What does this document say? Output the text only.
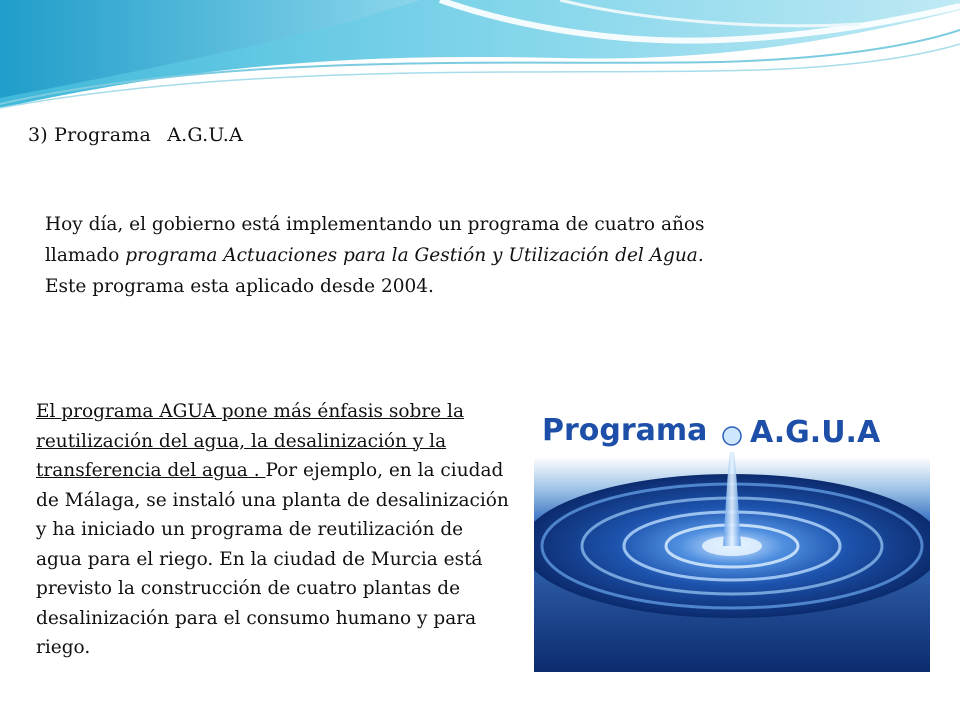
3) Programa A.G.U.A
Hoy día, el gobierno está implementando un programa de cuatro años llamado programa Actuaciones para la Gestión y Utilización del Agua. Este programa esta aplicado desde 2004.
El programa AGUA pone más énfasis sobre la reutilización del agua, la desalinización y la transferencia del agua . Por ejemplo, en la ciudad de Málaga, se instaló una planta de desalinización y ha iniciado un programa de reutilización de agua para el riego. En la ciudad de Murcia está previsto la construcción de cuatro plantas de desalinización para el consumo humano y para riego.
Programa A.G.U.A
